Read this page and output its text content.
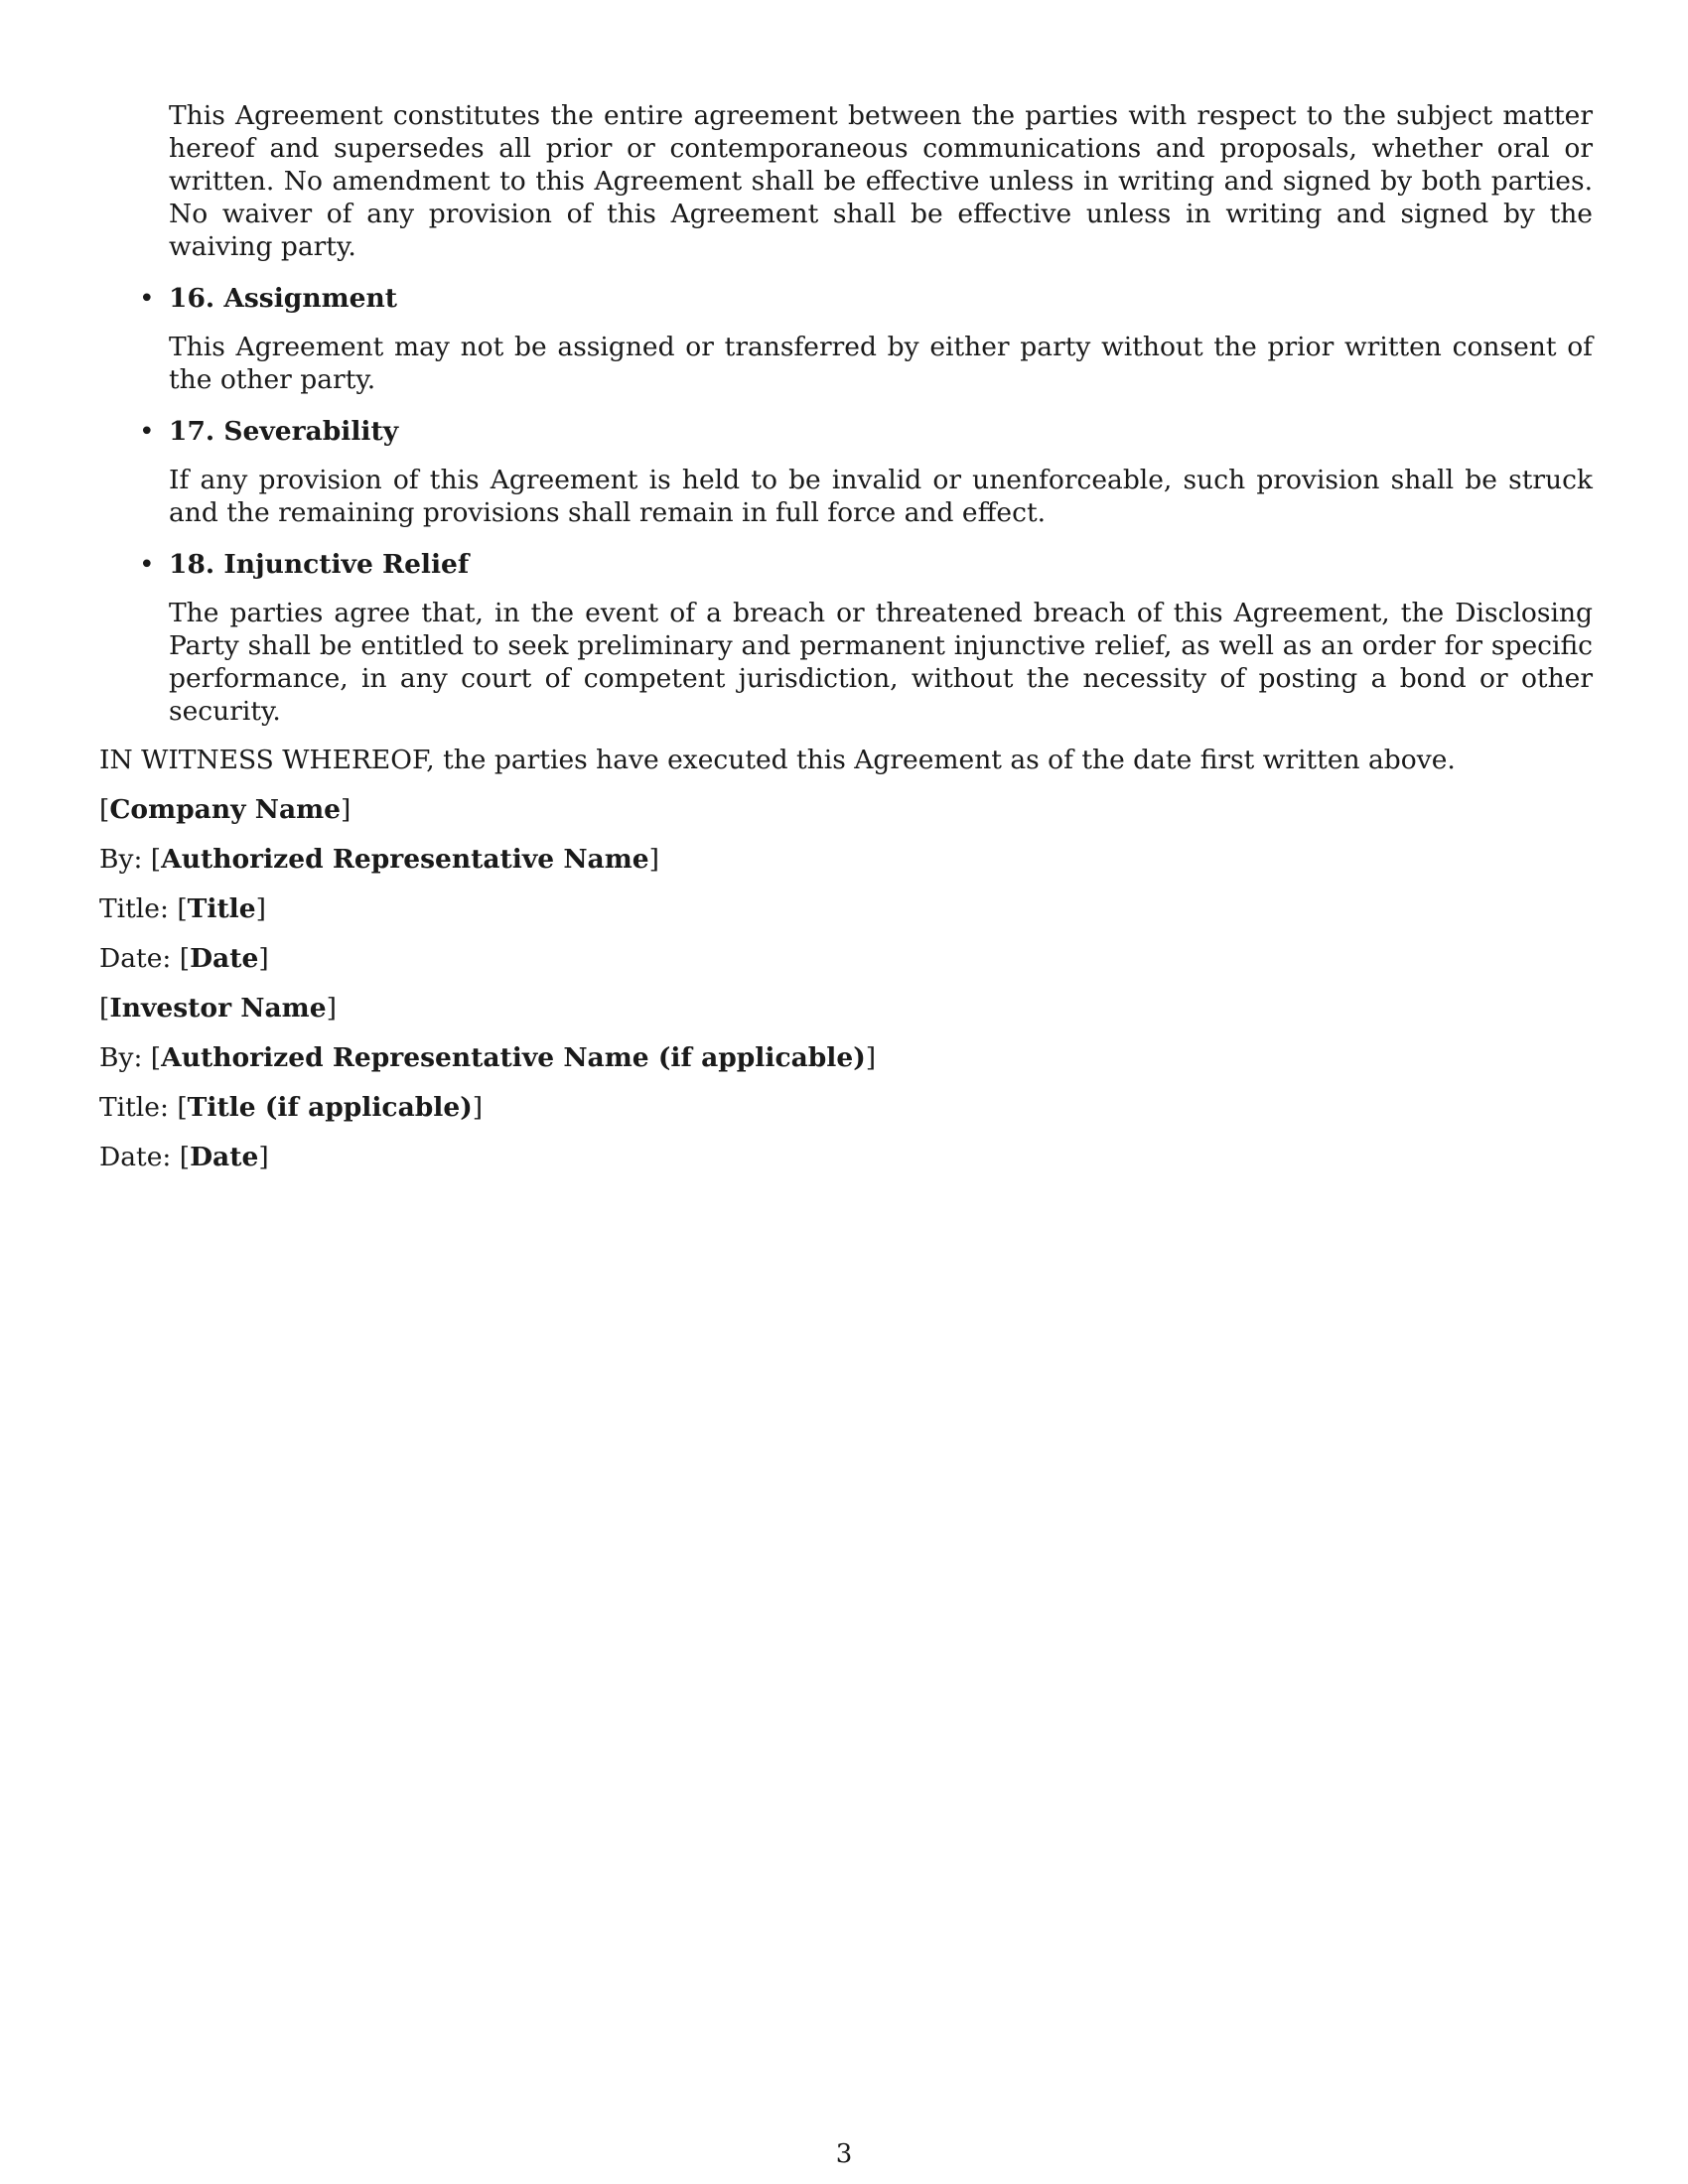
This Agreement constitutes the entire agreement between the parties with respect to the subject matter hereof and supersedes all prior or contemporaneous communications and proposals, whether oral or written. No amendment to this Agreement shall be effective unless in writing and signed by both parties. No waiver of any provision of this Agreement shall be effective unless in writing and signed by the waiving party.

• 16. Assignment

This Agreement may not be assigned or transferred by either party without the prior written consent of the other party.

• 17. Severability

If any provision of this Agreement is held to be invalid or unenforceable, such provision shall be struck and the remaining provisions shall remain in full force and effect.

• 18. Injunctive Relief

The parties agree that, in the event of a breach or threatened breach of this Agreement, the Disclosing Party shall be entitled to seek preliminary and permanent injunctive relief, as well as an order for specific performance, in any court of competent jurisdiction, without the necessity of posting a bond or other security.

IN WITNESS WHEREOF, the parties have executed this Agreement as of the date first written above.

[Company Name]

By: [Authorized Representative Name]

Title: [Title]

Date: [Date]

[Investor Name]

By: [Authorized Representative Name (if applicable)]

Title: [Title (if applicable)]

Date: [Date]

3
